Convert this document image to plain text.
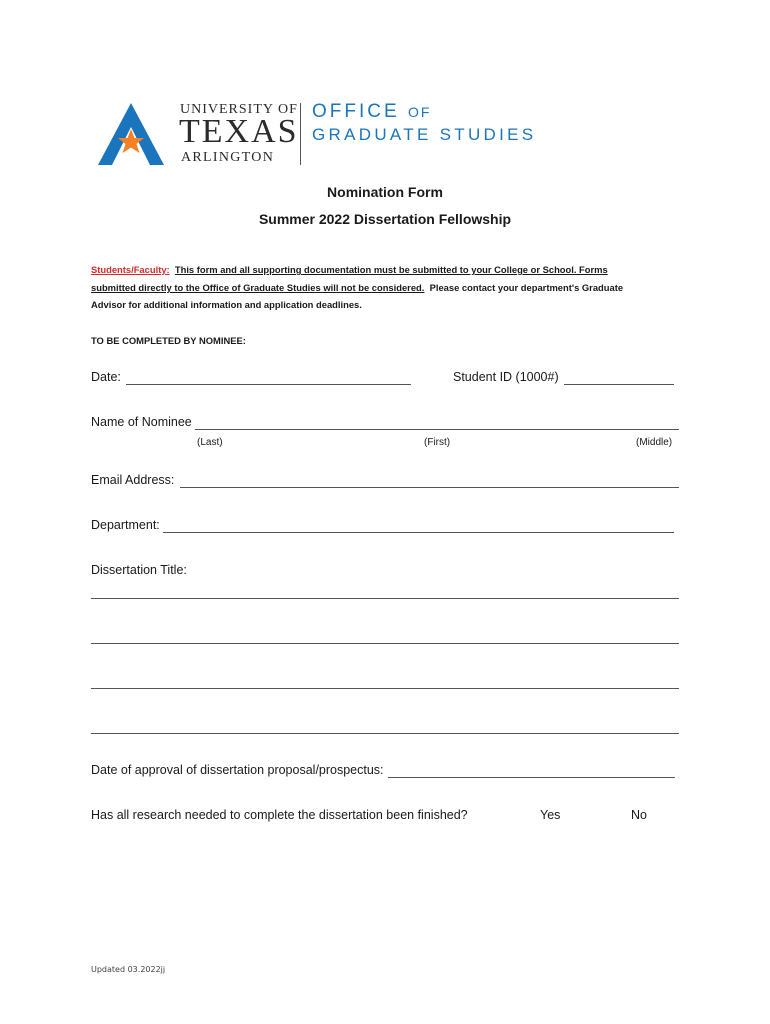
UNIVERSITY OF
TEXAS
ARLINGTON
OFFICE OF
GRADUATE STUDIES
Nomination Form
Summer 2022 Dissertation Fellowship
Students/Faculty: This form and all supporting documentation must be submitted to your College or School. Forms
submitted directly to the Office of Graduate Studies will not be considered. Please contact your department's Graduate
Advisor for additional information and application deadlines.
TO BE COMPLETED BY NOMINEE:
Date:	Student ID (1000#)
Name of Nominee
(Last)	(First)	(Middle)
Email Address:
Department:
Dissertation Title:
Date of approval of dissertation proposal/prospectus:
Has all research needed to complete the dissertation been finished?	Yes	No
Updated 03.2022jj
